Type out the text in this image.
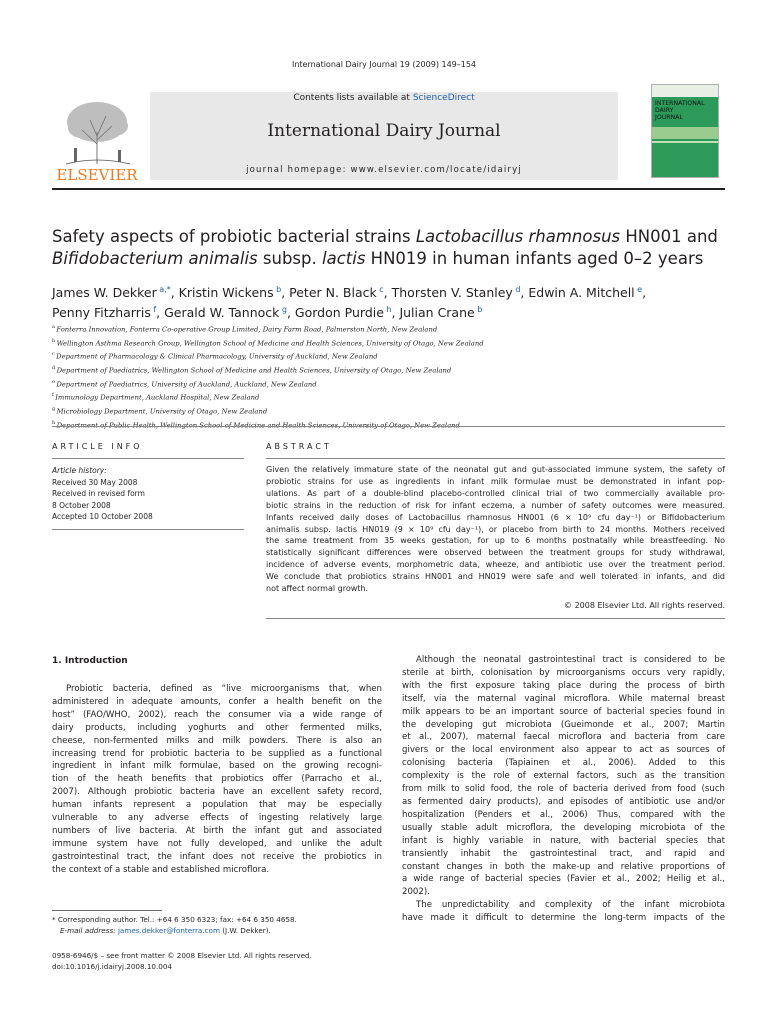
International Dairy Journal 19 (2009) 149–154
ELSEVIER
Contents lists available at ScienceDirect
International Dairy Journal
journal homepage: www.elsevier.com/locate/idairyj
INTERNATIONAL
DAIRY
JOURNAL
Safety aspects of probiotic bacterial strains Lactobacillus rhamnosus HN001 and
Bifidobacterium animalis subsp. lactis HN019 in human infants aged 0–2 years
James W. Dekker  $^{a,*}$, Kristin Wickens  $^b$, Peter N. Black  $^c$, Thorsten V. Stanley  $^d$, Edwin A. Mitchell  $^e$,
Penny Fitzharris  $^f$, Gerald W. Tannock  $^g$, Gordon Purdie  $^h$, Julian Crane  $^b$
$^a$ Fonterra Innovation, Fonterra Co-operative Group Limited, Dairy Farm Road, Palmerston North, New Zealand
$^b$ Wellington Asthma Research Group, Wellington School of Medicine and Health Sciences, University of Otago, New Zealand
$^c$ Department of Pharmacology & Clinical Pharmacology, University of Auckland, New Zealand
$^d$ Department of Paediatrics, Wellington School of Medicine and Health Sciences, University of Otago, New Zealand
$^e$ Department of Paediatrics, University of Auckland, Auckland, New Zealand
$^f$ Immunology Department, Auckland Hospital, New Zealand
$^g$ Microbiology Department, University of Otago, New Zealand
$^h$ Department of Public Health, Wellington School of Medicine and Health Sciences, University of Otago, New Zealand
ARTICLE INFO
Article history:
Received 30 May 2008
Received in revised form
8 October 2008
Accepted 10 October 2008
ABSTRACT
Given the relatively immature state of the neonatal gut and gut-associated immune system, the safety of
probiotic strains for use as ingredients in infant milk formulae must be demonstrated in infant pop-
ulations. As part of a double-blind placebo-controlled clinical trial of two commercially available pro-
biotic strains in the reduction of risk for infant eczema, a number of safety outcomes were measured.
Infants received daily doses of Lactobacillus rhamnosus HN001 (6 × 10⁹ cfu day⁻¹) or Bifidobacterium
animalis subsp. lactis HN019 (9 × 10⁹ cfu day⁻¹), or placebo from birth to 24 months. Mothers received
the same treatment from 35 weeks gestation, for up to 6 months postnatally while breastfeeding. No
statistically significant differences were observed between the treatment groups for study withdrawal,
incidence of adverse events, morphometric data, wheeze, and antibiotic use over the treatment period.
We conclude that probiotics strains HN001 and HN019 were safe and well tolerated in infants, and did
not affect normal growth.
© 2008 Elsevier Ltd. All rights reserved.
1. Introduction
Probiotic bacteria, defined as “live microorganisms that, when
administered in adequate amounts, confer a health benefit on the
host” (FAO/WHO, 2002), reach the consumer via a wide range of
dairy products, including yoghurts and other fermented milks,
cheese, non-fermented milks and milk powders. There is also an
increasing trend for probiotic bacteria to be supplied as a functional
ingredient in infant milk formulae, based on the growing recogni-
tion of the heath benefits that probiotics offer (Parracho et al.,
2007). Although probiotic bacteria have an excellent safety record,
human infants represent a population that may be especially
vulnerable to any adverse effects of ingesting relatively large
numbers of live bacteria. At birth the infant gut and associated
immune system have not fully developed, and unlike the adult
gastrointestinal tract, the infant does not receive the probiotics in
the context of a stable and established microflora.
Although the neonatal gastrointestinal tract is considered to be
sterile at birth, colonisation by microorganisms occurs very rapidly,
with the first exposure taking place during the process of birth
itself, via the maternal vaginal microflora. While maternal breast
milk appears to be an important source of bacterial species found in
the developing gut microbiota (Gueimonde et al., 2007; Martin
et al., 2007), maternal faecal microflora and bacteria from care
givers or the local environment also appear to act as sources of
colonising bacteria (Tapiainen et al., 2006). Added to this
complexity is the role of external factors, such as the transition
from milk to solid food, the role of bacteria derived from food (such
as fermented dairy products), and episodes of antibiotic use and/or
hospitalization (Penders et al., 2006) Thus, compared with the
usually stable adult microflora, the developing microbiota of the
infant is highly variable in nature, with bacterial species that
transiently inhabit the gastrointestinal tract, and rapid and
constant changes in both the make-up and relative proportions of
a wide range of bacterial species (Favier et al., 2002; Heilig et al.,
2002).
The unpredictability and complexity of the infant microbiota
have made it difficult to determine the long-term impacts of the
* Corresponding author. Tel.: +64 6 350 6323; fax: +64 6 350 4658.
E-mail address: james.dekker@fonterra.com (J.W. Dekker).
0958-6946/$ – see front matter © 2008 Elsevier Ltd. All rights reserved.
doi:10.1016/j.idairyj.2008.10.004
